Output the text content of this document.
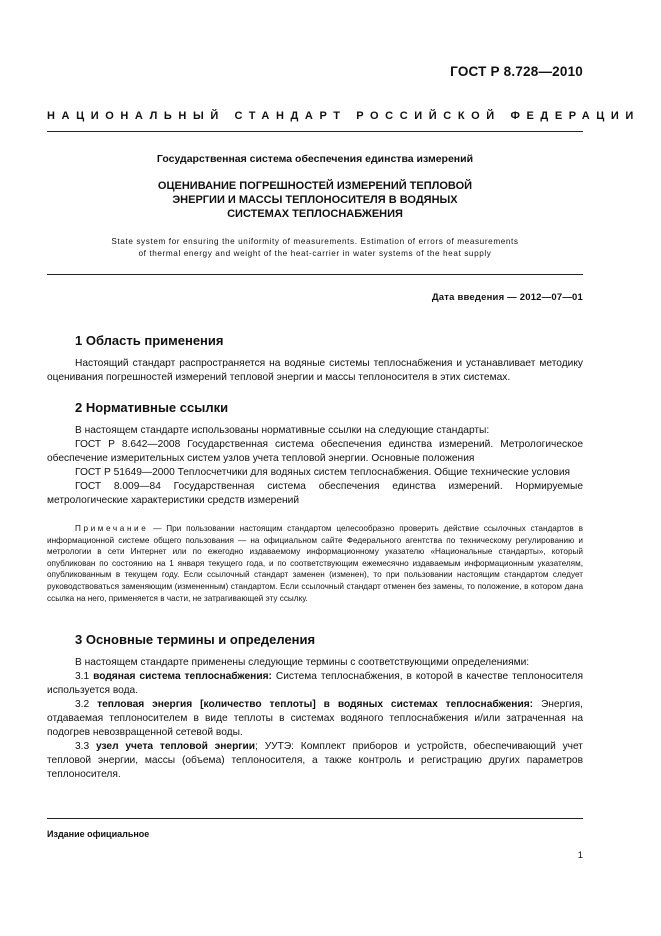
ГОСТ Р 8.728—2010
НАЦИОНАЛЬНЫЙ СТАНДАРТ РОССИЙСКОЙ ФЕДЕРАЦИИ
Государственная система обеспечения единства измерений
ОЦЕНИВАНИЕ ПОГРЕШНОСТЕЙ ИЗМЕРЕНИЙ ТЕПЛОВОЙ
ЭНЕРГИИ И МАССЫ ТЕПЛОНОСИТЕЛЯ В ВОДЯНЫХ
СИСТЕМАХ ТЕПЛОСНАБЖЕНИЯ
State system for ensuring the uniformity of measurements. Estimation of errors of measurements
of thermal energy and weight of the heat-carrier in water systems of the heat supply
Дата введения — 2012—07—01
1 Область применения

Настоящий стандарт распространяется на водяные системы теплоснабжения и устанавливает методику оценивания погрешностей измерений тепловой энергии и массы теплоносителя в этих системах.

2 Нормативные ссылки

В настоящем стандарте использованы нормативные ссылки на следующие стандарты:

ГОСТ Р 8.642—2008 Государственная система обеспечения единства измерений. Метрологическое обеспечение измерительных систем узлов учета тепловой энергии. Основные положения

ГОСТ Р 51649—2000 Теплосчетчики для водяных систем теплоснабжения. Общие технические условия

ГОСТ 8.009—84 Государственная система обеспечения единства измерений. Нормируемые метрологические характеристики средств измерений

Примечание — При пользовании настоящим стандартом целесообразно проверить действие ссылочных стандартов в информационной системе общего пользования — на официальном сайте Федерального агентства по техническому регулированию и метрологии в сети Интернет или по ежегодно издаваемому информационному указателю «Национальные стандарты», который опубликован по состоянию на 1 января текущего года, и по соответствующим ежемесячно издаваемым информационным указателям, опубликованным в текущем году. Если ссылочный стандарт заменен (изменен), то при пользовании настоящим стандартом следует руководствоваться заменяющим (измененным) стандартом. Если ссылочный стандарт отменен без замены, то положение, в котором дана ссылка на него, применяется в части, не затрагивающей эту ссылку.

3 Основные термины и определения

В настоящем стандарте применены следующие термины с соответствующими определениями:

3.1 водяная система теплоснабжения: Система теплоснабжения, в которой в качестве теплоносителя используется вода.

3.2 тепловая энергия [количество теплоты] в водяных системах теплоснабжения: Энергия, отдаваемая теплоносителем в виде теплоты в системах водяного теплоснабжения и/или затраченная на подогрев невозвращенной сетевой воды.

3.3 узел учета тепловой энергии; УУТЭ: Комплект приборов и устройств, обеспечивающий учет тепловой энергии, массы (объема) теплоносителя, а также контроль и регистрацию других параметров теплоносителя.

Издание официальное
1
